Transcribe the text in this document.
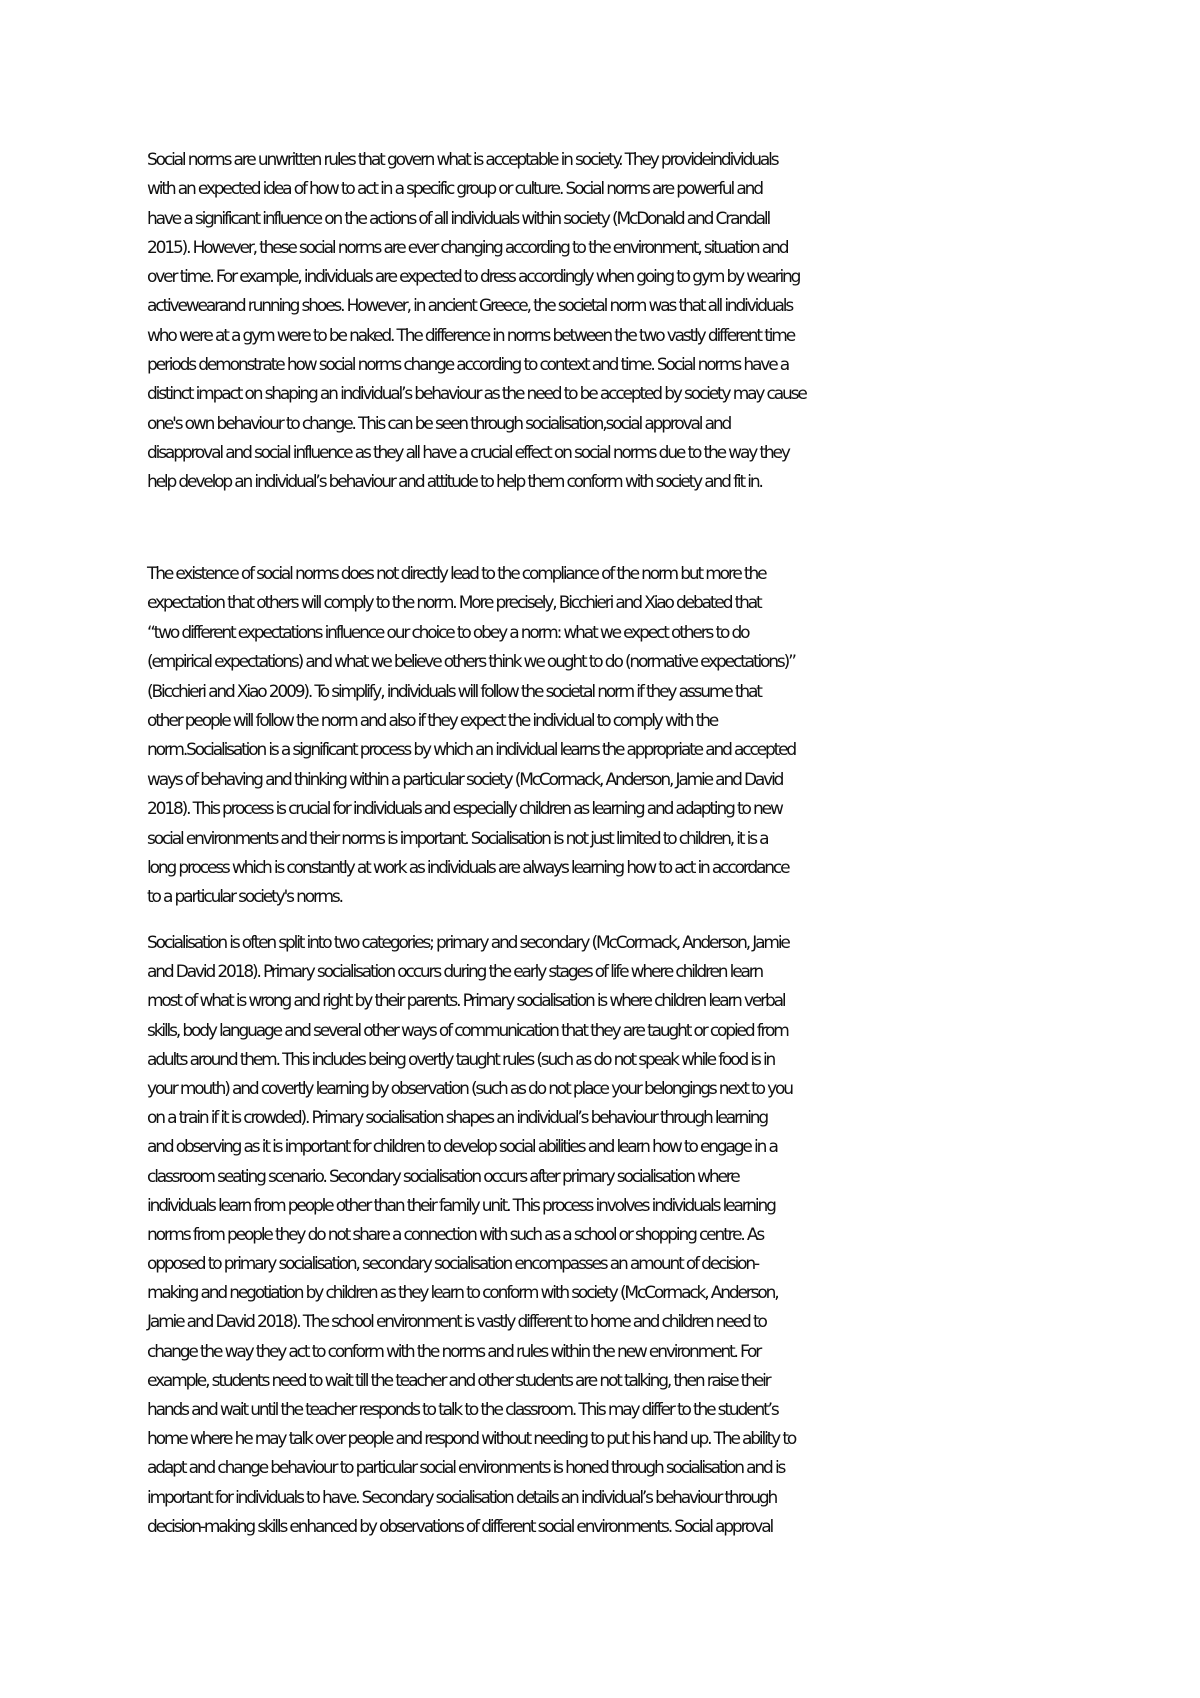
Social norms are unwritten rules that govern what is acceptable in society. They provideindividuals
with an expected idea of how to act in a specific group or culture. Social norms are powerful and
have a significant influence on the actions of all individuals within society (McDonald and Crandall
2015). However, these social norms are ever changing according to the environment, situation and
over time. For example, individuals are expected to dress accordingly when going to gym by wearing
activewearand running shoes. However, in ancient Greece, the societal norm was that all individuals
who were at a gym were to be naked. The difference in norms between the two vastly different time
periods demonstrate how social norms change according to context and time. Social norms have a
distinct impact on shaping an individual’s behaviour as the need to be accepted by society may cause
one's own behaviour to change. This can be seen through socialisation,social approval and
disapproval and social influence as they all have a crucial effect on social norms due to the way they
help develop an individual’s behaviour and attitude to help them conform with society and fit in.
The existence of social norms does not directly lead to the compliance of the norm but more the
expectation that others will comply to the norm. More precisely, Bicchieri and Xiao debated that
“two different expectations influence our choice to obey a norm: what we expect others to do
(empirical expectations) and what we believe others think we ought to do (normative expectations)”
(Bicchieri and Xiao 2009). To simplify, individuals will follow the societal norm if they assume that
other people will follow the norm and also if they expect the individual to comply with the
norm.Socialisation is a significant process by which an individual learns the appropriate and accepted
ways of behaving and thinking within a particular society (McCormack, Anderson, Jamie and David
2018). This process is crucial for individuals and especially children as learning and adapting to new
social environments and their norms is important. Socialisation is not just limited to children, it is a
long process which is constantly at work as individuals are always learning how to act in accordance
to a particular society's norms.
Socialisation is often split into two categories; primary and secondary (McCormack, Anderson, Jamie
and David 2018). Primary socialisation occurs during the early stages of life where children learn
most of what is wrong and right by their parents. Primary socialisation is where children learn verbal
skills, body language and several other ways of communication that they are taught or copied from
adults around them. This includes being overtly taught rules (such as do not speak while food is in
your mouth) and covertly learning by observation (such as do not place your belongings next to you
on a train if it is crowded). Primary socialisation shapes an individual’s behaviour through learning
and observing as it is important for children to develop social abilities and learn how to engage in a
classroom seating scenario. Secondary socialisation occurs after primary socialisation where
individuals learn from people other than their family unit. This process involves individuals learning
norms from people they do not share a connection with such as a school or shopping centre. As
opposed to primary socialisation, secondary socialisation encompasses an amount of decision-
making and negotiation by children as they learn to conform with society (McCormack, Anderson,
Jamie and David 2018). The school environment is vastly different to home and children need to
change the way they act to conform with the norms and rules within the new environment. For
example, students need to wait till the teacher and other students are not talking, then raise their
hands and wait until the teacher responds to talk to the classroom. This may differ to the student’s
home where he may talk over people and respond without needing to put his hand up. The ability to
adapt and change behaviour to particular social environments is honed through socialisation and is
important for individuals to have. Secondary socialisation details an individual’s behaviour through
decision-making skills enhanced by observations of different social environments. Social approval
